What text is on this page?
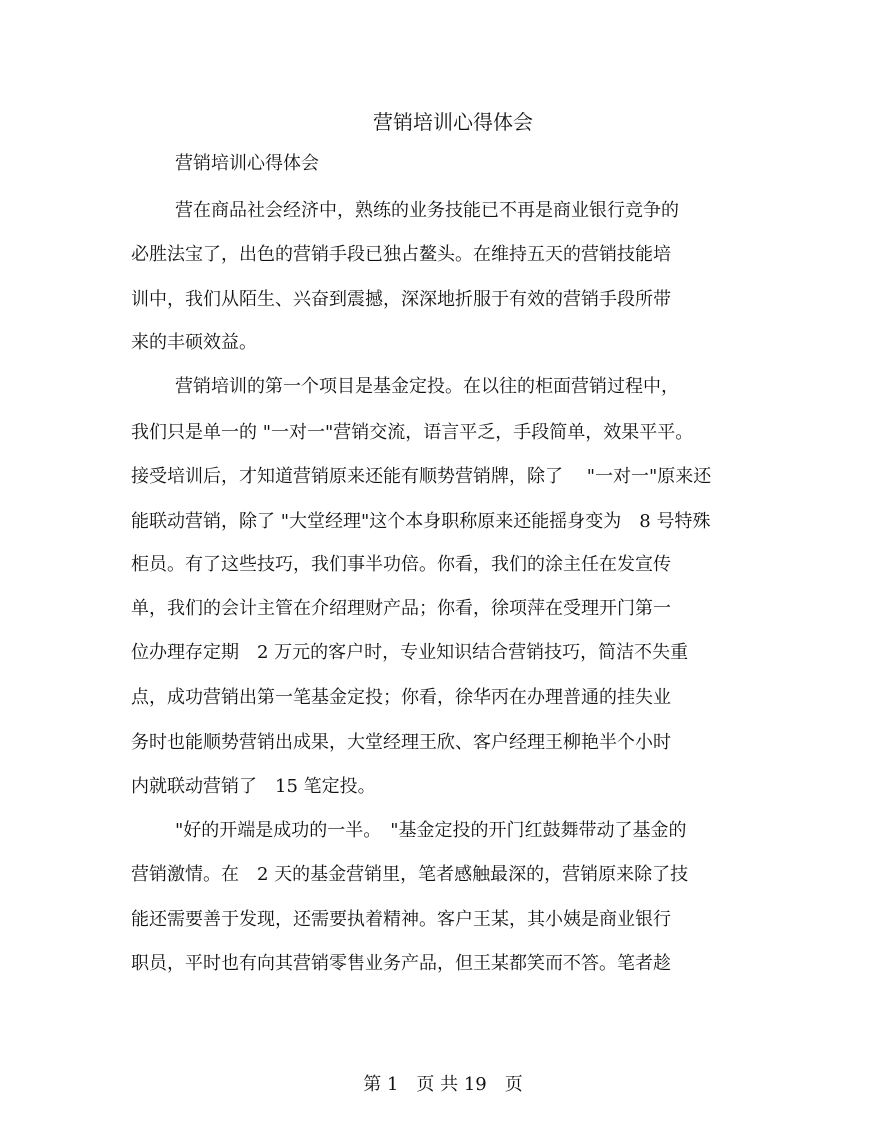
营销培训心得体会
营销培训心得体会
营在商品社会经济中，熟练的业务技能已不再是商业银行竞争的
必胜法宝了，出色的营销手段已独占鳌头。在维持五天的营销技能培
训中，我们从陌生、兴奋到震撼，深深地折服于有效的营销手段所带
来的丰硕效益。
营销培训的第一个项目是基金定投。在以往的柜面营销过程中，
我们只是单一的 "一对一"营销交流，语言平乏，手段简单，效果平平。
接受培训后，才知道营销原来还能有顺势营销牌，除了　 "一对一"原来还
能联动营销，除了 "大堂经理"这个本身职称原来还能摇身变为　8 号特殊
柜员。有了这些技巧，我们事半功倍。你看，我们的涂主任在发宣传
单，我们的会计主管在介绍理财产品；你看，徐项萍在受理开门第一
位办理存定期　2 万元的客户时，专业知识结合营销技巧，简洁不失重
点，成功营销出第一笔基金定投；你看，徐华丙在办理普通的挂失业
务时也能顺势营销出成果，大堂经理王欣、客户经理王柳艳半个小时
内就联动营销了　15 笔定投。
"好的开端是成功的一半。　"基金定投的开门红鼓舞带动了基金的
营销激情。在　2 天的基金营销里，笔者感触最深的，营销原来除了技
能还需要善于发现，还需要执着精神。客户王某，其小姨是商业银行
职员，平时也有向其营销零售业务产品，但王某都笑而不答。笔者趁
第 1　页 共 19　页
